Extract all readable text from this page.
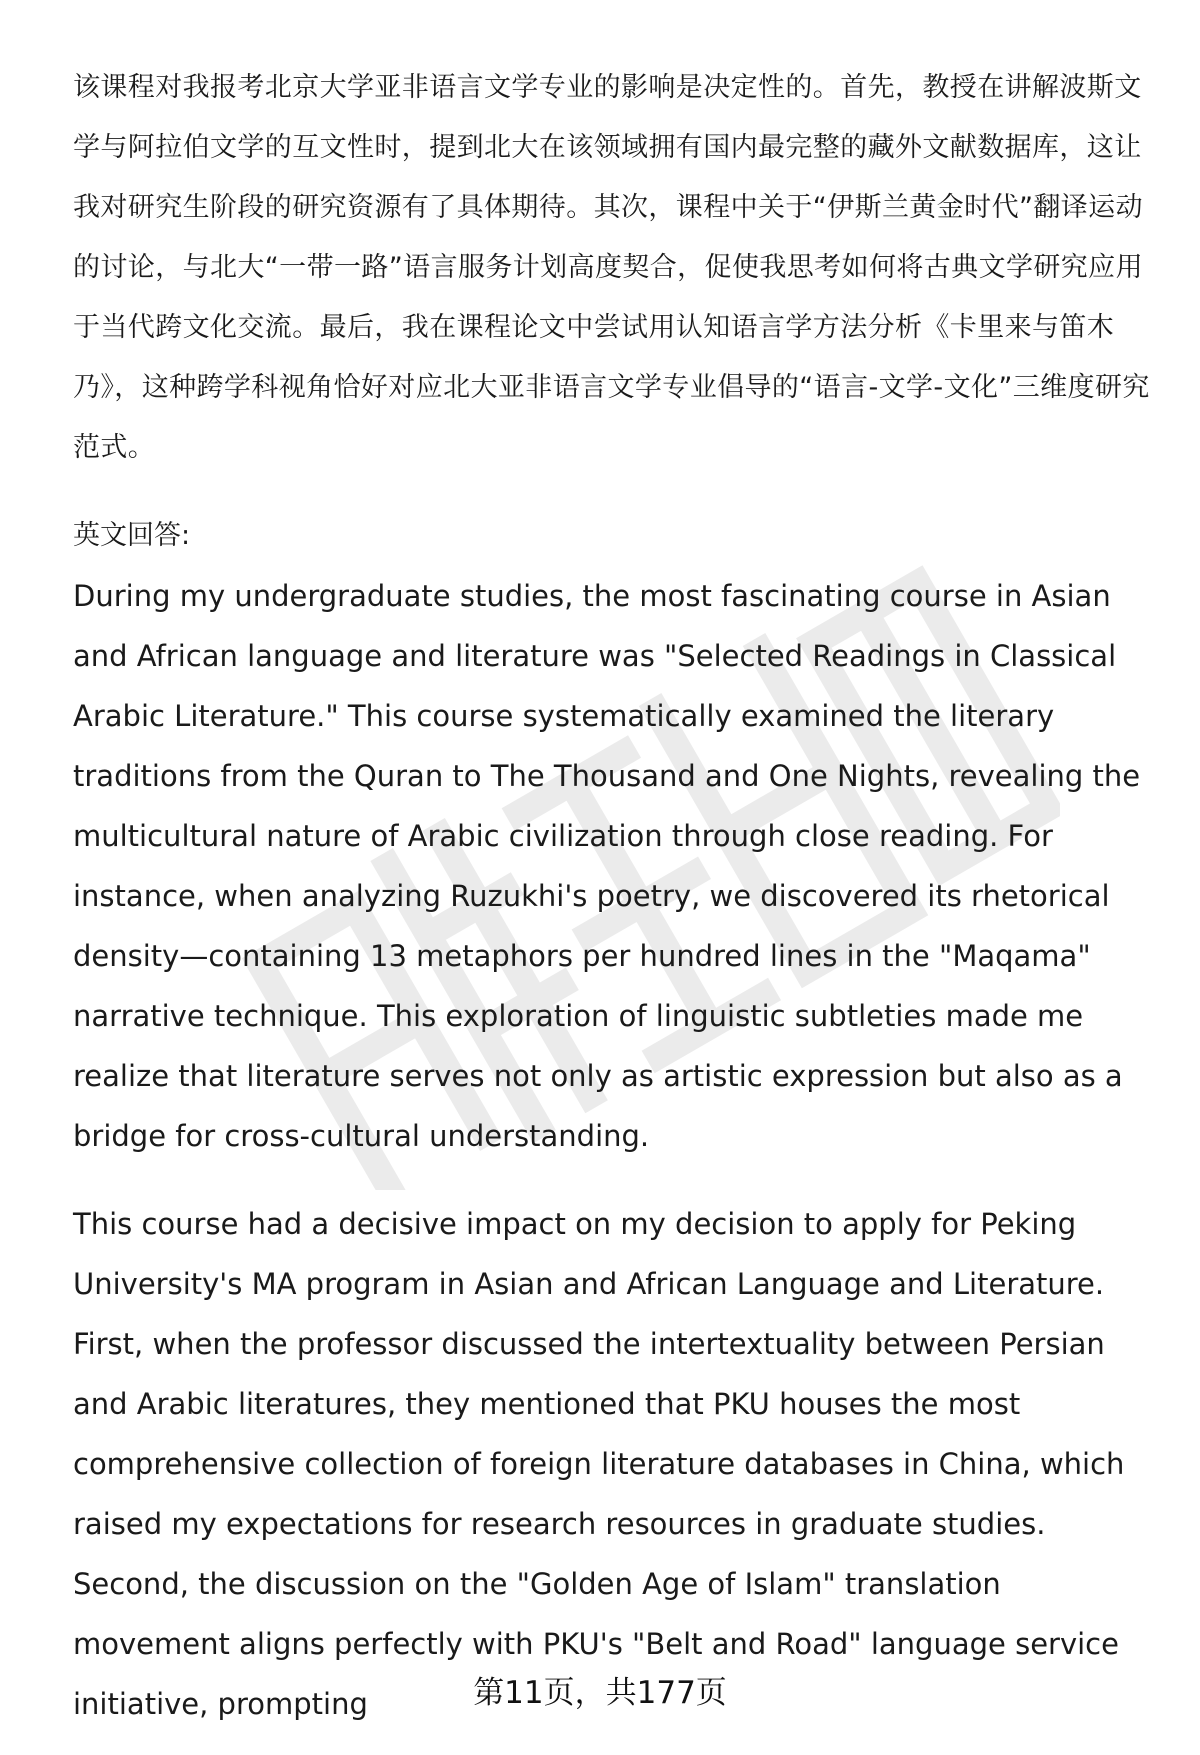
该课程对我报考北京大学亚非语言文学专业的影响是决定性的。首先，教授在讲解波斯文学与阿拉伯文学的互文性时，提到北大在该领域拥有国内最完整的藏外文献数据库，这让我对研究生阶段的研究资源有了具体期待。其次，课程中关于“伊斯兰黄金时代”翻译运动的讨论，与北大“一带一路”语言服务计划高度契合，促使我思考如何将古典文学研究应用于当代跨文化交流。最后，我在课程论文中尝试用认知语言学方法分析《卡里来与笛木乃》，这种跨学科视角恰好对应北大亚非语言文学专业倡导的“语言-文学-文化”三维度研究范式。

英文回答:

During my undergraduate studies, the most fascinating course in Asian and African language and literature was "Selected Readings in Classical Arabic Literature." This course systematically examined the literary traditions from the Quran to The Thousand and One Nights, revealing the multicultural nature of Arabic civilization through close reading. For instance, when analyzing Ruzukhi's poetry, we discovered its rhetorical density—containing 13 metaphors per hundred lines in the "Maqama" narrative technique. This exploration of linguistic subtleties made me realize that literature serves not only as artistic expression but also as a bridge for cross-cultural understanding.

This course had a decisive impact on my decision to apply for Peking University's MA program in Asian and African Language and Literature. First, when the professor discussed the intertextuality between Persian and Arabic literatures, they mentioned that PKU houses the most comprehensive collection of foreign literature databases in China, which raised my expectations for research resources in graduate studies. Second, the discussion on the "Golden Age of Islam" translation movement aligns perfectly with PKU's "Belt and Road" language service initiative, prompting	第11页，共177页
